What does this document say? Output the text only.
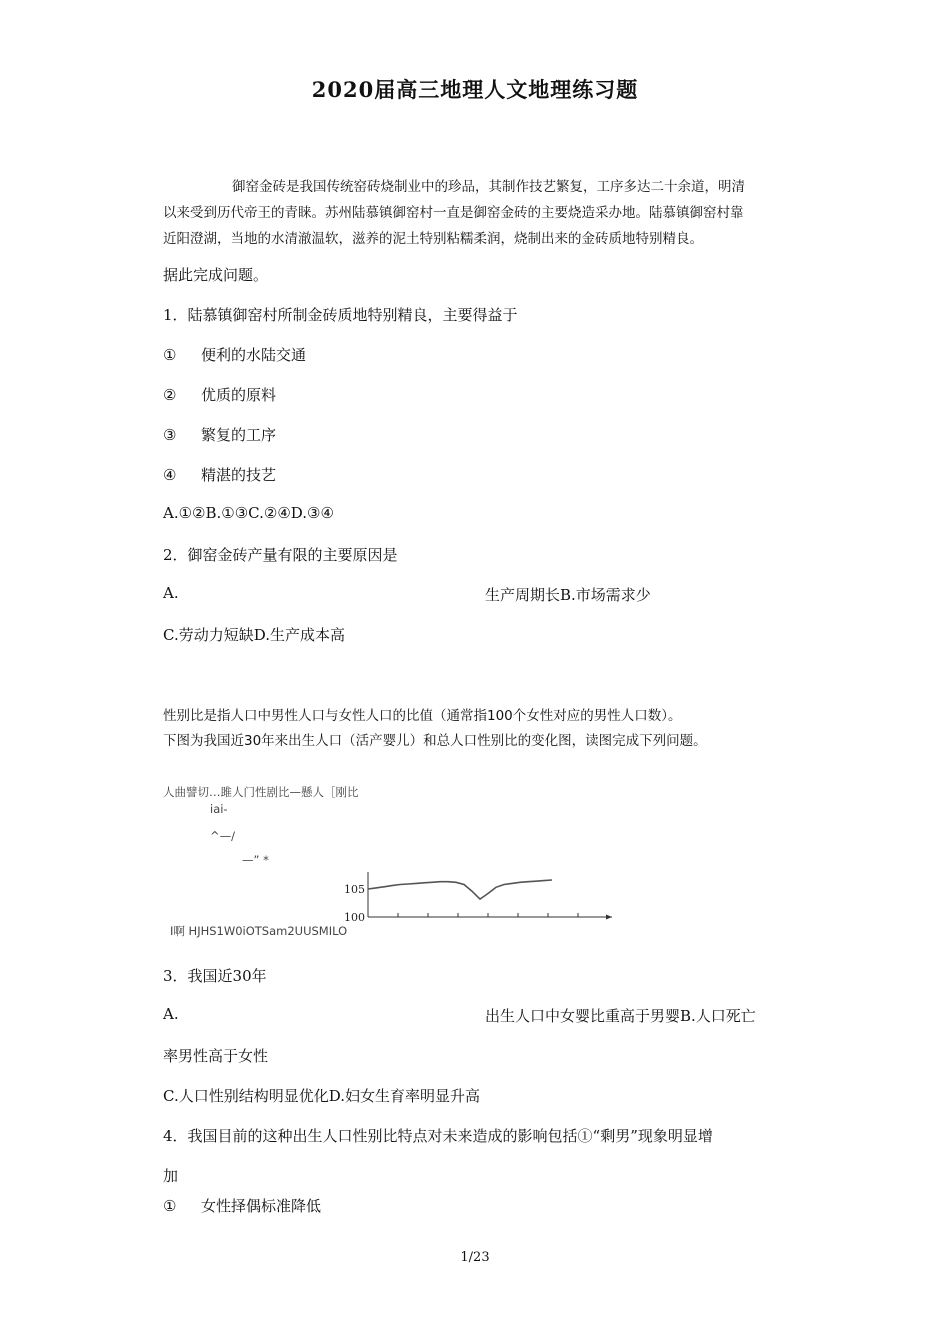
2020届高三地理人文地理练习题
御窑金砖是我国传统窑砖烧制业中的珍品，其制作技艺繁复，工序多达二十余道，明清
以来受到历代帝王的青睐。苏州陆慕镇御窑村一直是御窑金砖的主要烧造采办地。陆慕镇御窑村靠
近阳澄湖，当地的水清澈温软，滋养的泥土特别粘糯柔润，烧制出来的金砖质地特别精良。
据此完成问题。
1．陆慕镇御窑村所制金砖质地特别精良，主要得益于
① 便利的水陆交通
② 优质的原料
③ 繁复的工序
④ 精湛的技艺
A.①②B.①③C.②④D.③④
2．御窑金砖产量有限的主要原因是
A.	生产周期长B.市场需求少
C.劳动力短缺D.生产成本高
性别比是指人口中男性人口与女性人口的比值（通常指100个女性对应的男性人口数）。
下图为我国近30年来出生人口（活产婴儿）和总人口性别比的变化图，读图完成下列问题。
人曲譬切…雎人门性剧比—懸人［刚比
iai-
^—/
—” *
I啊 HJHS1W0iOTSam2UUSMILO
105
100
3．我国近30年
A.	出生人口中女婴比重高于男婴B.人口死亡
率男性高于女性
C.人口性别结构明显优化D.妇女生育率明显升高
4．我国目前的这种出生人口性别比特点对未来造成的影响包括①“剩男”现象明显增
加
① 女性择偶标准降低
1/23
